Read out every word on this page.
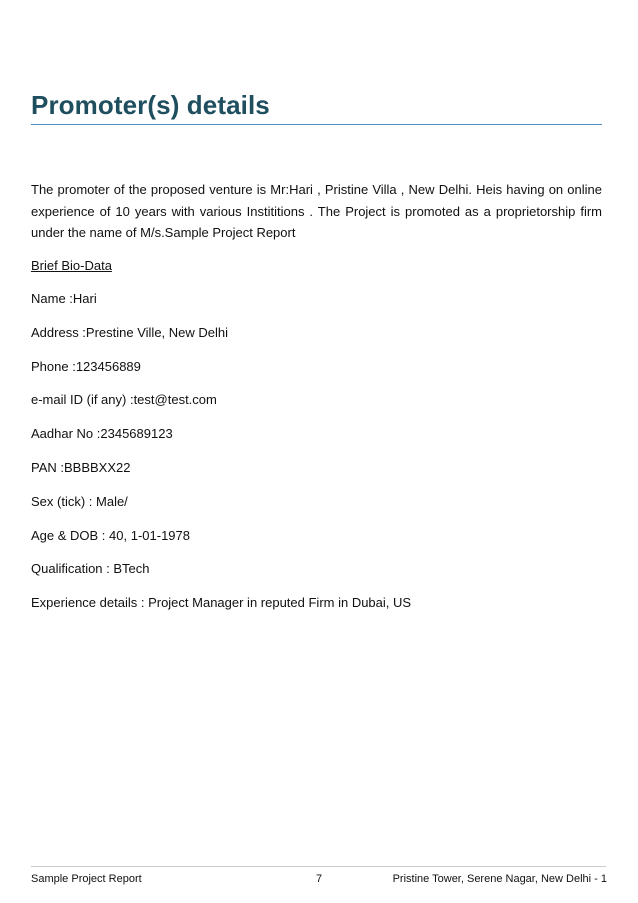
Promoter(s) details

The promoter of the proposed venture is Mr:Hari , Pristine Villa , New Delhi. Heis having on online experience of 10 years with various Instititions . The Project is promoted as a proprietorship firm under the name of M/s.Sample Project Report

Brief Bio-Data

Name :Hari

Address :Prestine Ville, New Delhi

Phone :123456889

e-mail ID (if any) :test@test.com

Aadhar No :2345689123

PAN :BBBBXX22

Sex (tick) : Male/

Age & DOB : 40, 1-01-1978

Qualification : BTech

Experience details : Project Manager in reputed Firm in Dubai, US

Sample Project Report	7	Pristine Tower, Serene Nagar, New Delhi - 1
